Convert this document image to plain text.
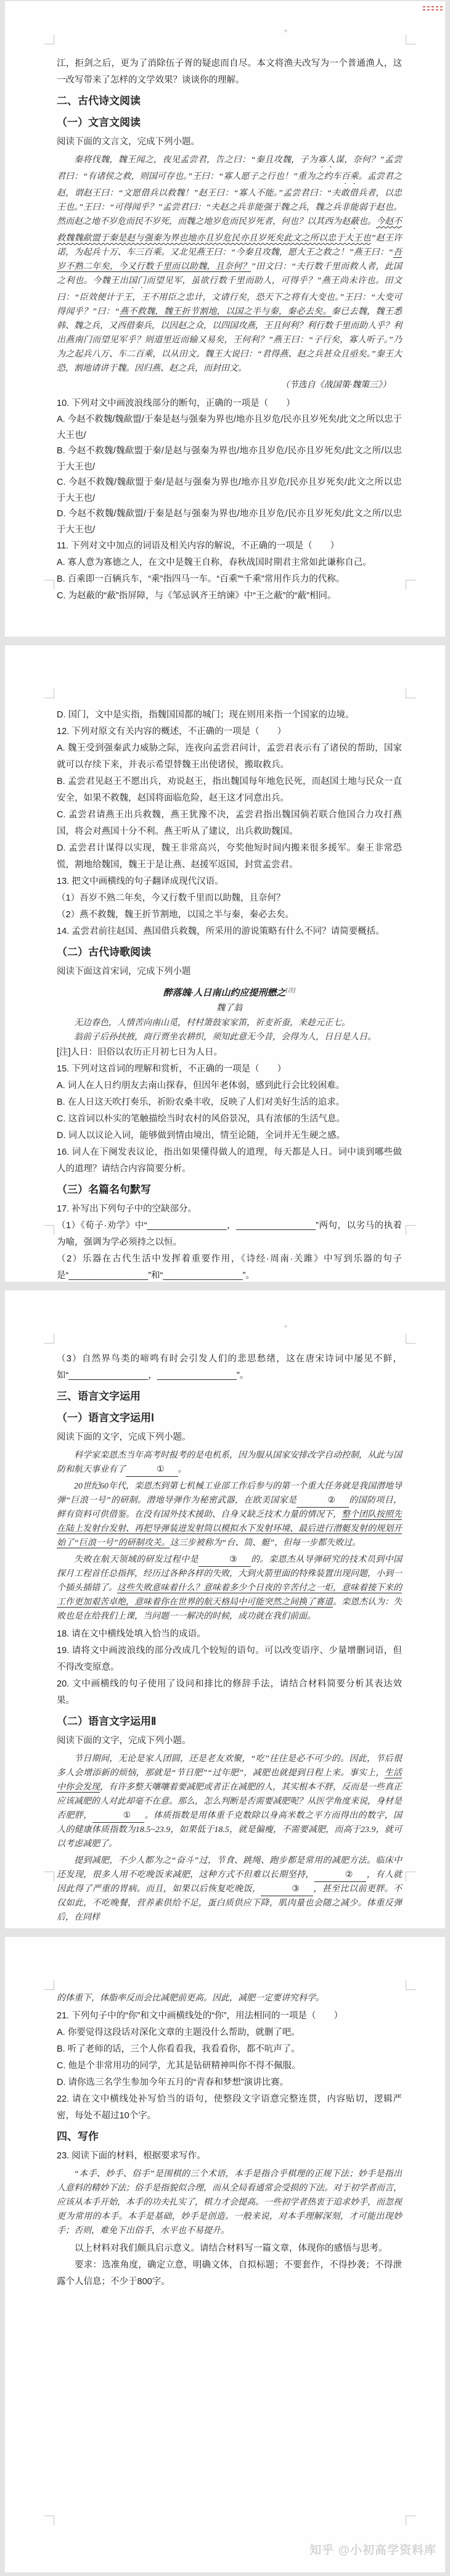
+

江，拒剑之后，更为了消除伍子胥的疑虑而自尽。本文将渔夫改写为一个普通渔人，这一改写带来了怎样的文学效果？谈谈你的理解。

二、古代诗文阅读

（一）文言文阅读

阅读下面的文言文，完成下列小题。

秦将伐魏，魏王闻之，夜见孟尝君，告之曰：“秦且攻魏，子为寡人谋，奈何？”孟尝君曰：“有诸侯之救，则国可存也。”王曰：“寡人愿子之行也！”重为之约车百乘。孟尝君之赵，谓赵王曰：“文愿借兵以救魏！”赵王曰：“寡人不能。”孟尝君曰：“夫敢借兵者，以忠王也。”王曰：“可得闻乎？”孟尝君曰：“夫赵之兵非能强于魏之兵，魏之兵非能弱于赵也。然而赵之地不岁危而民不岁死，而魏之地岁危而民岁死者，何也？以其西为赵蔽也。今赵不救魏魏歃盟于秦是赵与强秦为界也地亦且岁危民亦且岁死矣此文之所以忠于大王也”赵王许诺，为起兵十万、车三百乘。又北见燕王曰：“今秦且攻魏，愿大王之救之！”燕王曰：“吾岁不熟二年矣，今又行数千里而以助魏，且奈何？”田文曰：“夫行数千里而救人者，此国之利也。今魏王出国门而望见军，虽欲行数千里而助人，可得乎？”燕王尚未许也。田文曰：“臣效便计于王，王不用臣之忠计，文请行矣，恐天下之将有大变也。”王曰：“大变可得闻乎？”曰：“燕不救魏，魏王折节割地，以国之半与秦，秦必去矣。秦已去魏，魏王悉韩、魏之兵，又西借秦兵，以因赵之众，以四国攻燕，王且何利？利行数千里而助人乎？利出燕南门而望见军乎？则道里近而输又易矣，王何利？”燕王曰：“子行矣，寡人听子。”乃为之起兵八万、车二百乘，以从田文。魏王大说曰：“君得燕、赵之兵甚众且亟矣。”秦王大恐，割地请讲于魏。因归燕、赵之兵，而封田文。

（节选自《战国策·魏策三》）

10. 下列对文中画波浪线部分的断句，正确的一项是（　　）

A. 今赵不救魏/魏歃盟/于秦是赵与强秦为界也/地亦且岁危/民亦且岁死矣/此文之所以忠于大王也/

B. 今赵不救魏/魏歃盟于秦/是赵与强秦为界也/地亦且岁危/民亦且岁死矣/此文之所/以忠于大王也/

C. 今赵不救魏/魏歃盟于秦/是赵与强秦为界也/地亦且岁危/民亦且岁死矣/此文之所以忠于大王也/

D. 今赵不救魏/魏歃盟/于秦是赵与强秦为界也/地亦且岁危/民亦且岁死矣/此文之所/以忠于大王也/

11. 下列对文中加点的词语及相关内容的解说，不正确的一项是（　　）

A. 寡人意为寡德之人，在文中是魏王自称，春秋战国时期君主常如此谦称自己。

B. 百乘即一百辆兵车，“乘”指四马一车。“百乘”“千乘”常用作兵力的代称。

C. 为赵蔽的“蔽”指屏障，与《邹忌讽齐王纳谏》中“王之蔽”的“蔽”相同。

D. 国门，文中是实指，指魏国国都的城门；现在则用来指一个国家的边境。

12. 下列对原文有关内容的概述，不正确的一项是（　　）

A. 魏王受到强秦武力威胁之际，连夜向孟尝君问计，孟尝君表示有了诸侯的帮助，国家就可以存续下来，并表示希望替魏王出使诸侯，搬取救兵。

B. 孟尝君见赵王不愿出兵，劝说赵王，指出魏国每年地危民死，而赵国土地与民众一直安全，如果不救魏，赵国将面临危险，赵王这才同意出兵。

C. 孟尝君请燕王出兵救魏，燕王犹豫不决，孟尝君指出魏国倘若联合他国合力攻打燕国，将会对燕国十分不利。燕王听从了建议，出兵救助魏国。

D. 孟尝君计谋得以实现，魏王非常高兴，夸奖他短时间内搬来很多援军。秦王非常恐慌，割地给魏国，魏王于是让燕、赵援军返国，封赏孟尝君。

13. 把文中画横线的句子翻译成现代汉语。

（1）吾岁不熟二年矣，今又行数千里而以助魏，且奈何？

（2）燕不救魏，魏王折节割地，以国之半与秦，秦必去矣。

14. 孟尝君前往赵国、燕国借兵救魏，所采用的游说策略有什么不同？请简要概括。

（二）古代诗歌阅读

阅读下面这首宋词，完成下列小题

醉落魄·人日南山约应提刑懋之[注]

魏了翁

无边春色，人情苦向南山觅，村村箫鼓家家笛，祈麦祈蚕，来趁元正七。

翁前子后孙扶掖，商行贾坐农耕织，须知此意无今昔，会得为人，日日是人日。

[注]人日：旧俗以农历正月初七日为人日。

15. 下列对这首词的理解和赏析，不正确的一项是（　　）

A. 词人在人日约朋友去南山探春，但因年老体弱，感到此行会比较困难。

B. 在人日这天吹打奏乐，祈盼农桑丰收，反映了人们对美好生活的追求。

C. 这首词以朴实的笔触描绘当时农村的风俗景况，具有浓郁的生活气息。

D. 词人以议论入词，能够做到情由境出，情至论随，全词并无生硬之感。

16. 词人在下阕发表议论，指出如果懂得做人的道理，每天都是人日。词中谈到哪些做人的道理？请结合内容简要分析。

（三）名篇名句默写

17. 补写出下列句子中的空缺部分。

（1）《荀子·劝学》中“________________，________________”两句，以劣马的执着为喻，强调为学必须持之以恒。

（2）乐器在古代生活中发挥着重要作用，《诗经·周南·关雎》中写到乐器的句子是“________________”和“________________”。

+

（3）自然界鸟类的啼鸣有时会引发人们的悲思愁绪，这在唐宋诗词中屡见不鲜，如“________________，________________”。

三、语言文字运用

（一）语言文字运用Ⅰ

阅读下面的文字，完成下列小题。

科学家栾恩杰当年高考时报考的是电机系，因为服从国家安排改学自动控制，从此与国防和航天事业有了	① 。

20世纪60年代，栾恩杰到第七机械工业部工作后参与的第一个重大任务就是我国潜地导弹“巨浪一号”的研制。潜地导弹作为秘密武器，在欧美国家是	② 的国防项目，鲜有资料可供借鉴。在没有国外技术援助、自身又缺乏技术力量的情况下，整个团队按照先在陆上发射台发射、再把导弹装进发射筒以模拟水下发射环境、最后进行潜艇发射的规划开始了“巨浪一号”的研制攻关。这三步被称为“台、筒、艇”，但每一步都失败过。

失败在航天领域的研发过程中是	③ 的。栾恩杰从导弹研究的技术员到中国探月工程首任总指挥，经历过各种各样的失败，大到火箭里面的特殊装置出现问题，小到一个插头插错了。这些失败意味着什么？意味着多少个日夜的辛苦付之一炬，意味着接下来的工作更加艰苦卓绝，意味着你在世界的航天格局中可能突然之间换了赛道。栾恩杰认为：失败也是在给我们上课，当问题一一解决的时候，成功就在我们前面。

18. 请在文中横线处填入恰当的成语。

19. 请将文中画波浪线的部分改成几个较短的语句。可以改变语序、少量增删词语，但不得改变原意。

20. 文中画横线的句子使用了设问和排比的修辞手法，请结合材料简要分析其表达效果。

（二）语言文字运用Ⅱ

阅读下面的文字，完成下列小题。

节日期间，无论是家人团圆，还是老友欢聚，“吃”往往是必不可少的。因此，节后很多人会增添新的烦恼，那就是“节日肥”“过年肥”，减肥也就提到日程上来。事实上，生活中你会发现，有许多整天嚷嚷着要减肥或者正在减肥的人，其实根本不胖，反而是一些真正应该减肥的人对此却毫不在意。那么，怎么判断是否需要减肥呢？从医学角度来说，身材是否肥胖，	① 。体质指数是用体重千克数除以身高米数之平方而得出的数字，国人的健康体质指数为18.5~23.9，如果低于18.5，就是偏瘦，不需要减肥，而高于23.9，就可以考虑减肥了。

提到减肥，不少人都为之“奋斗”过，节食、跳绳、跑步都是常用的减肥方法。临床中还发现，很多人用不吃晚饭来减肥，这种方式不但难以长期坚持，	② ，有人就因此得了严重的胃病。而且，如果以后恢复吃晚饭，	③ ，甚至比以前更胖。不仅如此，不吃晚餐，营养素供给不足，蛋白质供应下降，肌肉量也会随之减少。体重反弹后，在同样

的体重下，体脂率反而会比减肥前更高。因此，减肥一定要讲究科学。

21. 下列句子中的“你”和文中画横线处的“你”，用法相同的一项是（　　）

A. 你要觉得这段话对深化文章的主题没什么帮助，就删了吧。

B. 听了老师的话，三个人你看看我，我看看你，都不吭声了。

C. 他是个非常用功的同学，尤其是钻研精神叫你不得不佩服。

D. 请你选三名学生参加今年五月的“青春和梦想”演讲比赛。

22. 请在文中横线处补写恰当的语句，使整段文字语意完整连贯，内容贴切，逻辑严密，每处不超过10个字。

四、写作

23. 阅读下面的材料，根据要求写作。

“本手、妙手、俗手”是围棋的三个术语，本手是指合乎棋理的正规下法；妙手是指出人意料的精妙下法；俗手是指貌似合理，而从全局看通常会受损的下法。对于初学者而言，应该从本手开始，本手的功夫扎实了，棋力才会提高。一些初学者热衷于追求妙手，而忽视更为常用的本手。本手是基础，妙手是创造。一般来说，对本手理解深刻，才可能出现妙手；否则，难免下出俗手，水平也不易提升。

以上材料对我们颇具启示意义。请结合材料写一篇文章，体现你的感悟与思考。

要求：选准角度，确定立意，明确文体，自拟标题；不要套作，不得抄袭；不得泄露个人信息；不少于800字。

知乎 @小初高学资料库
